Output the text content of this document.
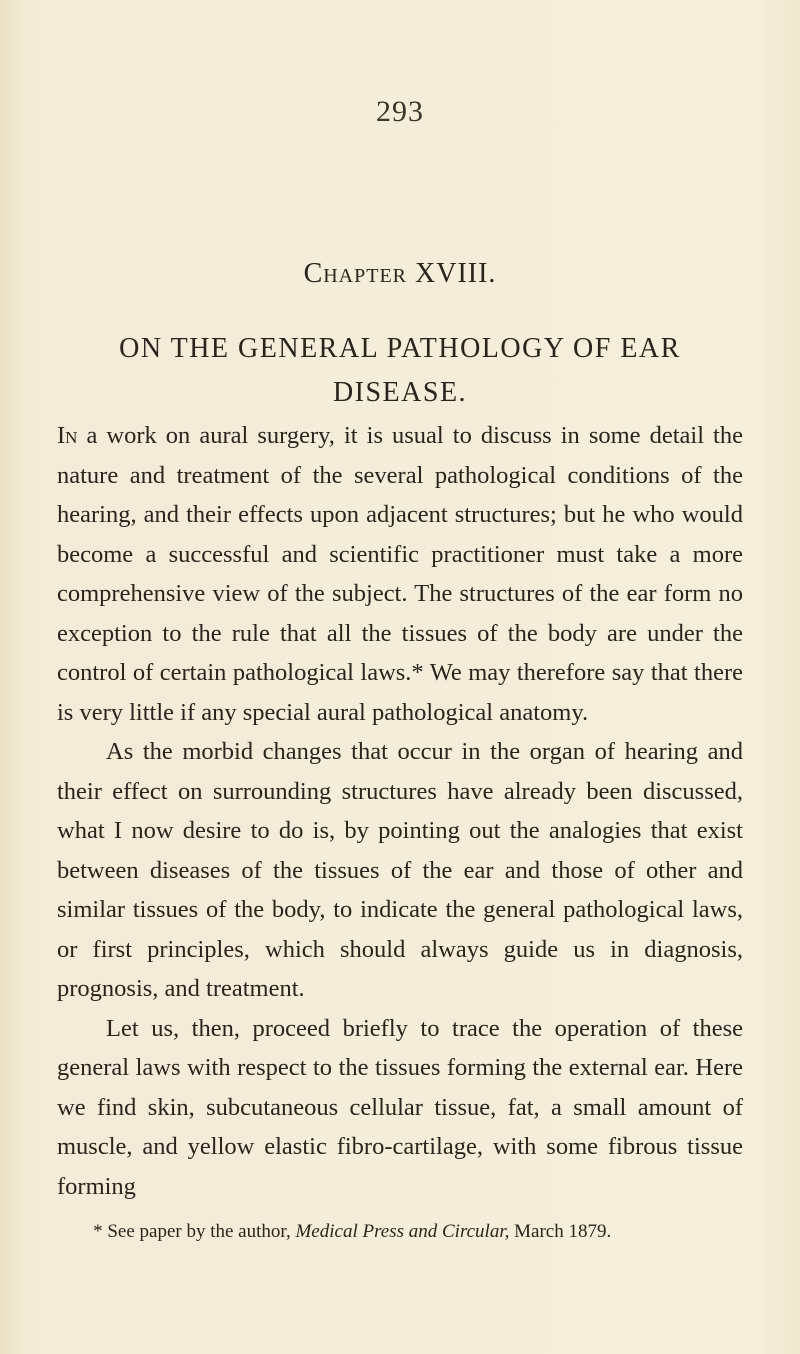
293
Chapter XVIII.
ON THE GENERAL PATHOLOGY OF EAR
DISEASE.

In a work on aural surgery, it is usual to discuss in some detail the nature and treatment of the several pathological conditions of the hearing, and their effects upon adjacent structures; but he who would become a successful and scientific practitioner must take a more comprehensive view of the subject. The structures of the ear form no exception to the rule that all the tissues of the body are under the control of certain pathological laws.* We may therefore say that there is very little if any special aural pathological anatomy.

As the morbid changes that occur in the organ of hearing and their effect on surrounding structures have already been discussed, what I now desire to do is, by pointing out the analogies that exist between diseases of the tissues of the ear and those of other and similar tissues of the body, to indicate the general pathological laws, or first principles, which should always guide us in diagnosis, prognosis, and treatment.

Let us, then, proceed briefly to trace the operation of these general laws with respect to the tissues forming the external ear. Here we find skin, subcutaneous cellular tissue, fat, a small amount of muscle, and yellow elastic fibro-cartilage, with some fibrous tissue forming

* See paper by the author, Medical Press and Circular, March 1879.
